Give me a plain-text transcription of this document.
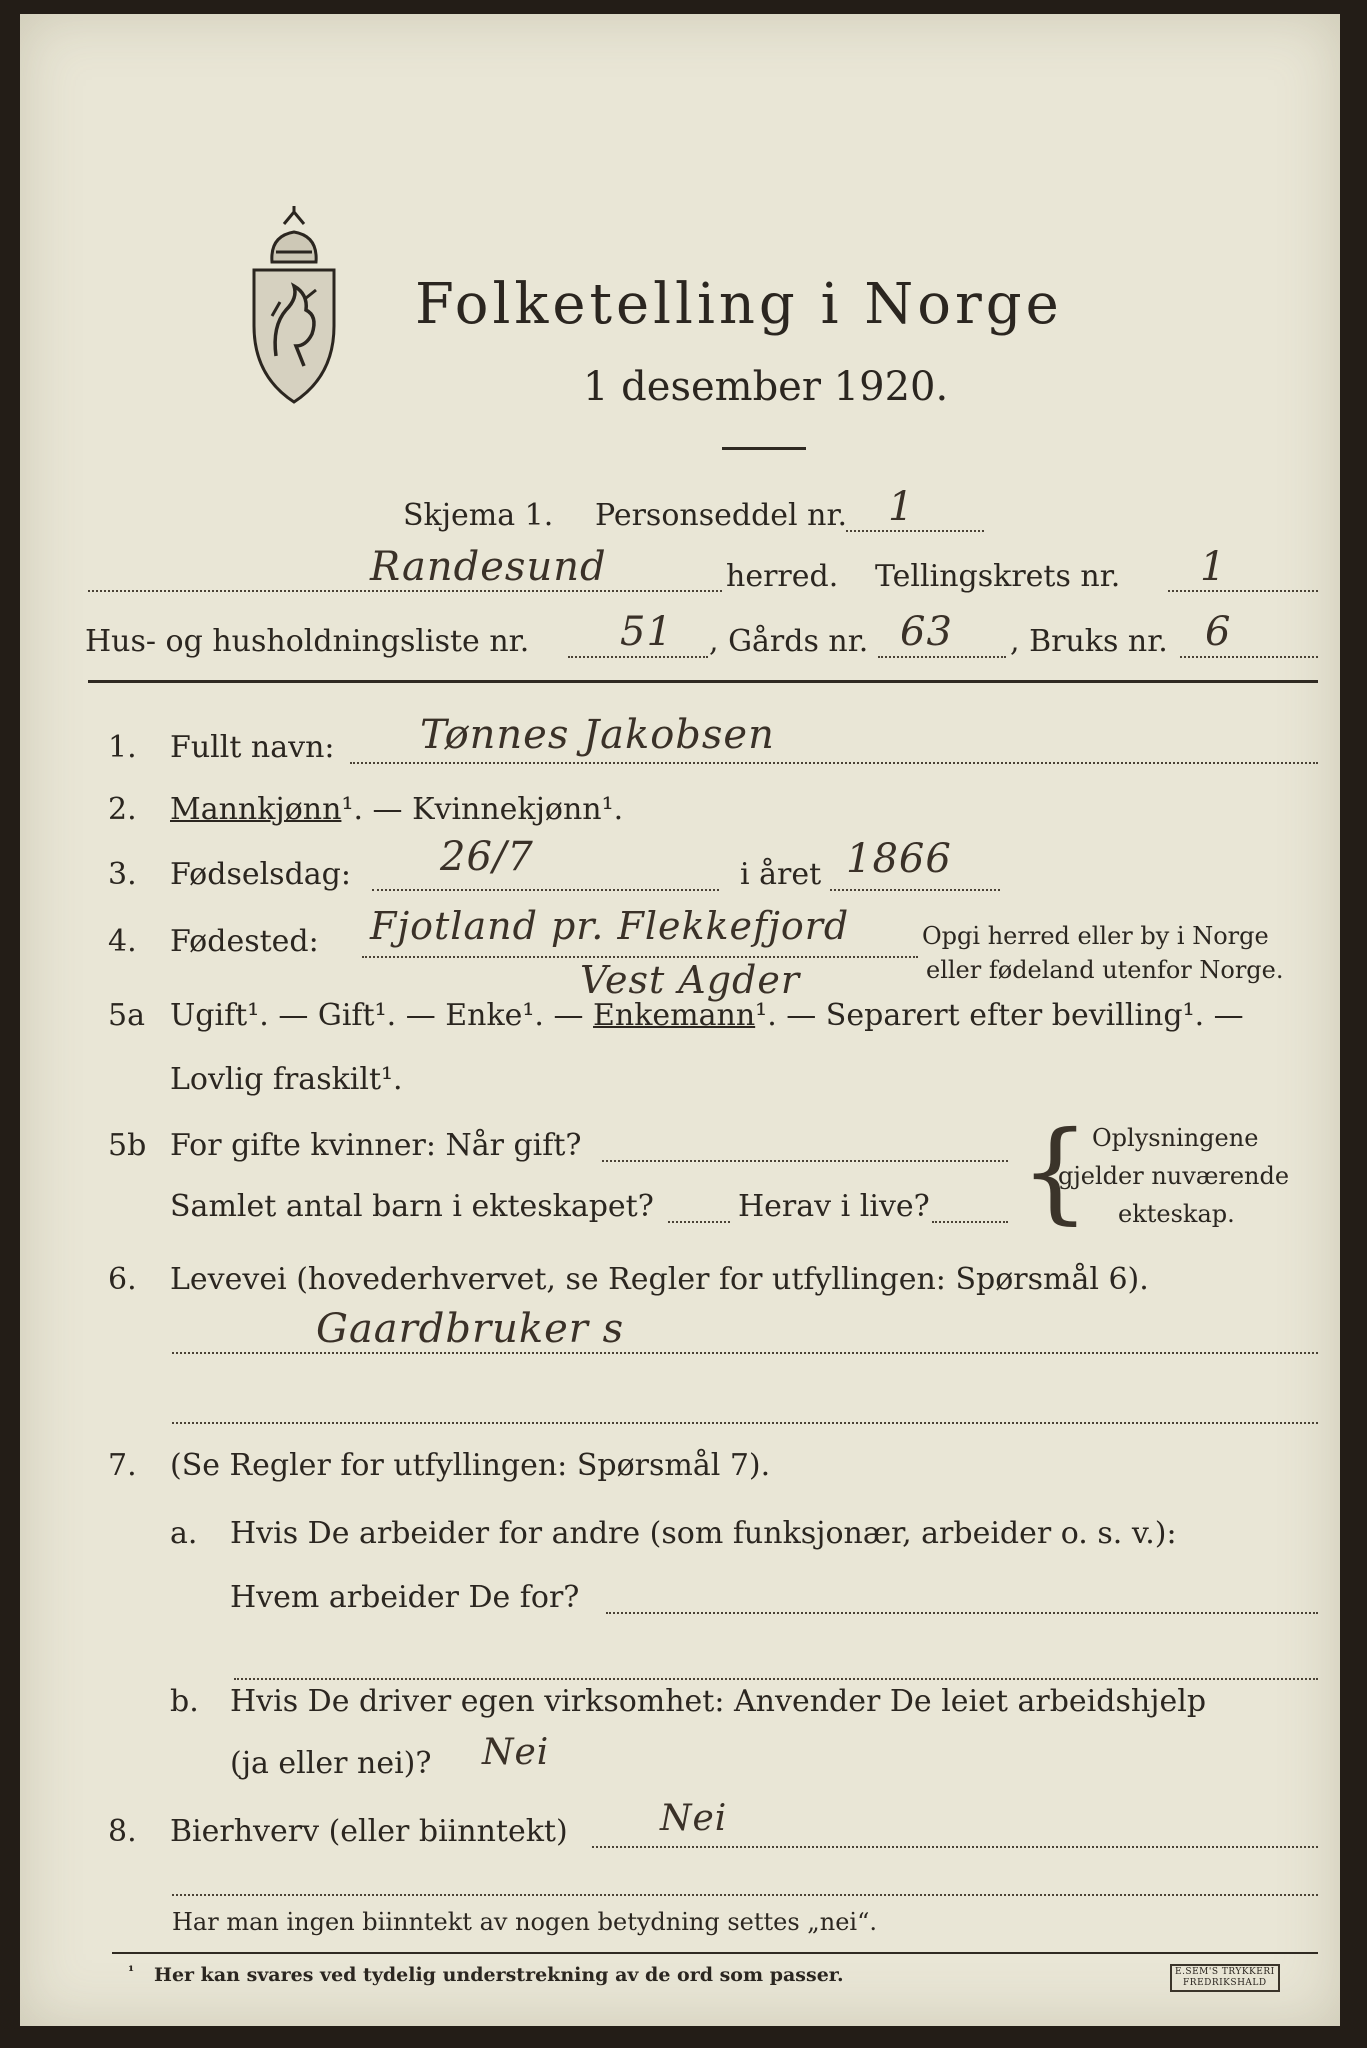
Folketelling i Norge
1 desember 1920.
Skjema 1. Personseddel nr. 1
Randesund	herred. Tellingskrets nr. 1
Hus- og husholdningsliste nr. 51 , Gårds nr. 63 , Bruks nr. 6
1. Fullt navn: Tønnes Jakobsen
2. Mannkjønn¹. — Kvinnekjønn¹.
3. Fødselsdag: 26/7	i året 1866
4. Fødested: Fjotland pr. Flekkefjord
Vest Agder
Opgi herred eller by i Norge
eller fødeland utenfor Norge.
5a Ugift¹. — Gift¹. — Enke¹. — Enkemann¹. — Separert efter bevilling¹. —
Lovlig fraskilt¹.
5b For gifte kvinner: Når gift?
Samlet antal barn i ekteskapet?	Herav i live? { Oplysningene
gjelder nuværende
ekteskap.
6. Levevei (hovederhvervet, se Regler for utfyllingen: Spørsmål 6).
Gaardbruker s
7. (Se Regler for utfyllingen: Spørsmål 7).
a. Hvis De arbeider for andre (som funksjonær, arbeider o. s. v.):
Hvem arbeider De for?
b. Hvis De driver egen virksomhet: Anvender De leiet arbeidshjelp
(ja eller nei)? Nei
8. Bierhverv (eller biinntekt)	Nei
Har man ingen biinntekt av nogen betydning settes „nei“.
¹ Her kan svares ved tydelig understrekning av de ord som passer.	E.SEM'S TRYKKERI
FREDRIKSHALD
